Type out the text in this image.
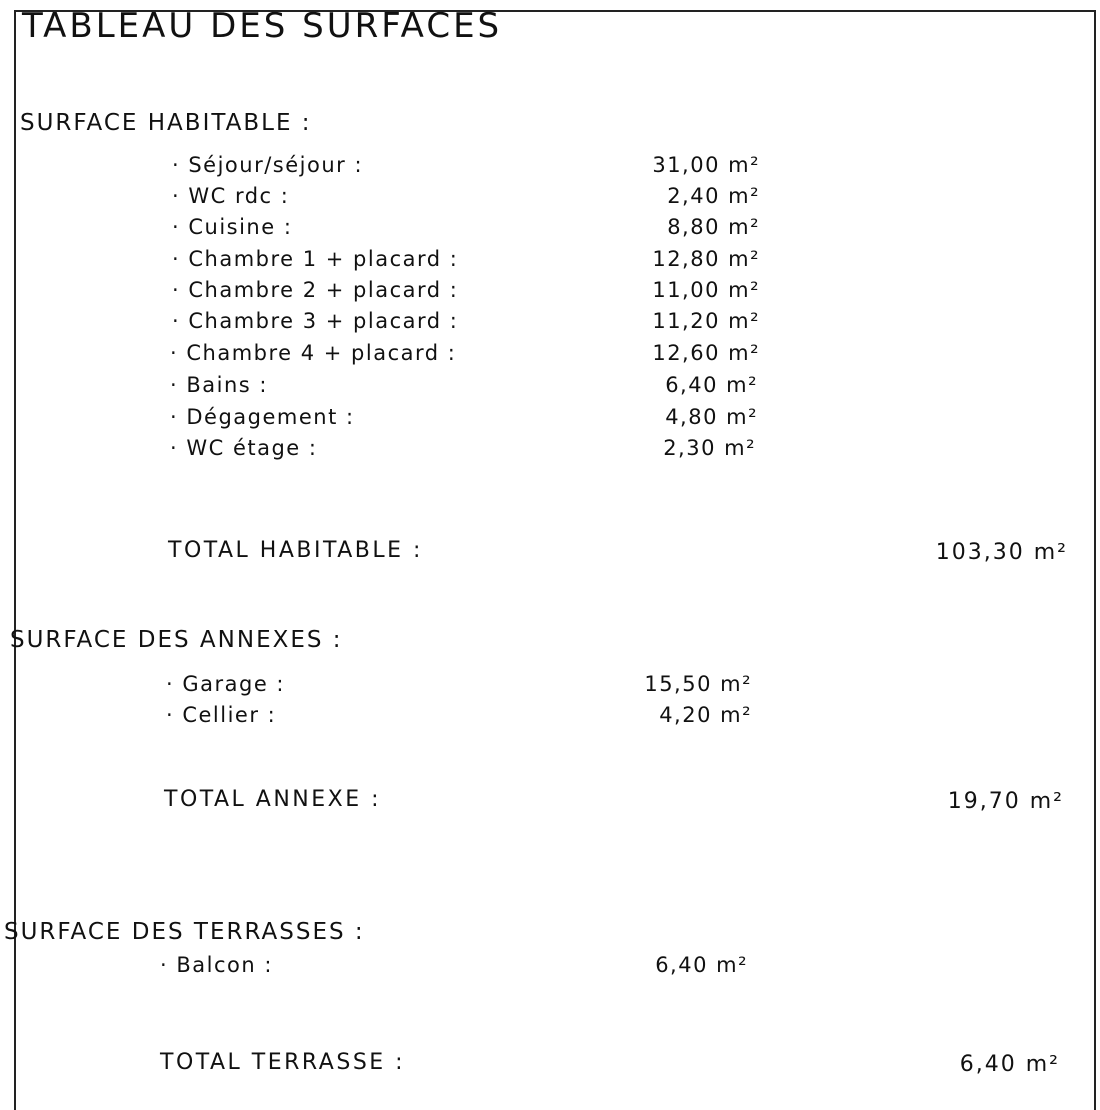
TABLEAU DES SURFACES
SURFACE HABITABLE :
· Séjour/séjour :	31,00 m²
· WC rdc :	2,40 m²
· Cuisine :	8,80 m²
· Chambre 1 + placard :	12,80 m²
· Chambre 2 + placard :	11,00 m²
· Chambre 3 + placard :	11,20 m²
· Chambre 4 + placard :	12,60 m²
· Bains :	6,40 m²
· Dégagement :	4,80 m²
· WC étage :	2,30 m²
TOTAL HABITABLE :	103,30 m²
SURFACE DES ANNEXES :
· Garage :	15,50 m²
· Cellier :	4,20 m²
TOTAL ANNEXE :	19,70 m²
SURFACE DES TERRASSES :
· Balcon :	6,40 m²
TOTAL TERRASSE :	6,40 m²
